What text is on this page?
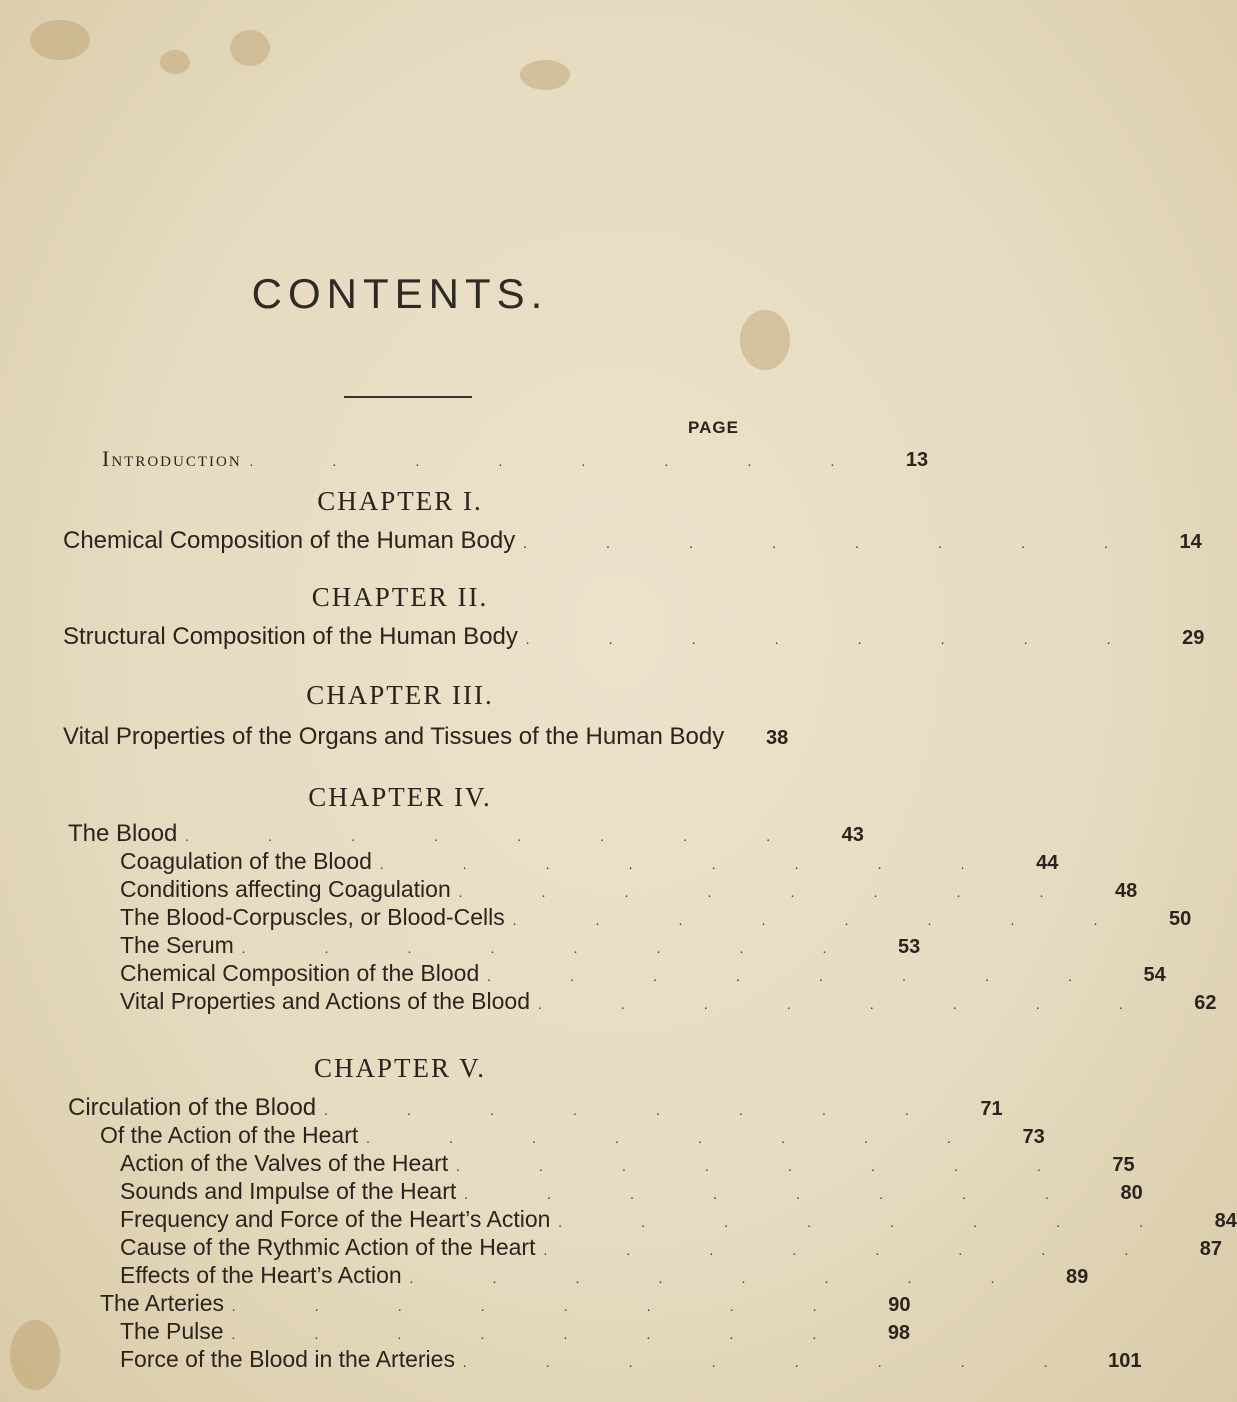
CONTENTS.
PAGE
Introduction . . . . . . . .	13
CHAPTER I.
Chemical Composition of the Human Body . . . . . . . .	14
CHAPTER II.
Structural Composition of the Human Body . . . . . . . .	29
CHAPTER III.
Vital Properties of the Organs and Tissues of the Human Body	38
CHAPTER IV.
The Blood . . . . . . . .	43
Coagulation of the Blood . . . . . . . .	44
Conditions affecting Coagulation . . . . . . . .	48
The Blood-Corpuscles, or Blood-Cells . . . . . . . .	50
The Serum . . . . . . . .	53
Chemical Composition of the Blood . . . . . . . .	54
Vital Properties and Actions of the Blood . . . . . . . .	62
CHAPTER V.
Circulation of the Blood . . . . . . . .	71
Of the Action of the Heart . . . . . . . .	73
Action of the Valves of the Heart . . . . . . . .	75
Sounds and Impulse of the Heart . . . . . . . .	80
Frequency and Force of the Heart’s Action . . . . . . . .	84
Cause of the Rythmic Action of the Heart . . . . . . . .	87
Effects of the Heart’s Action . . . . . . . .	89
The Arteries . . . . . . . .	90
The Pulse . . . . . . . .	98
Force of the Blood in the Arteries . . . . . . . .	101
